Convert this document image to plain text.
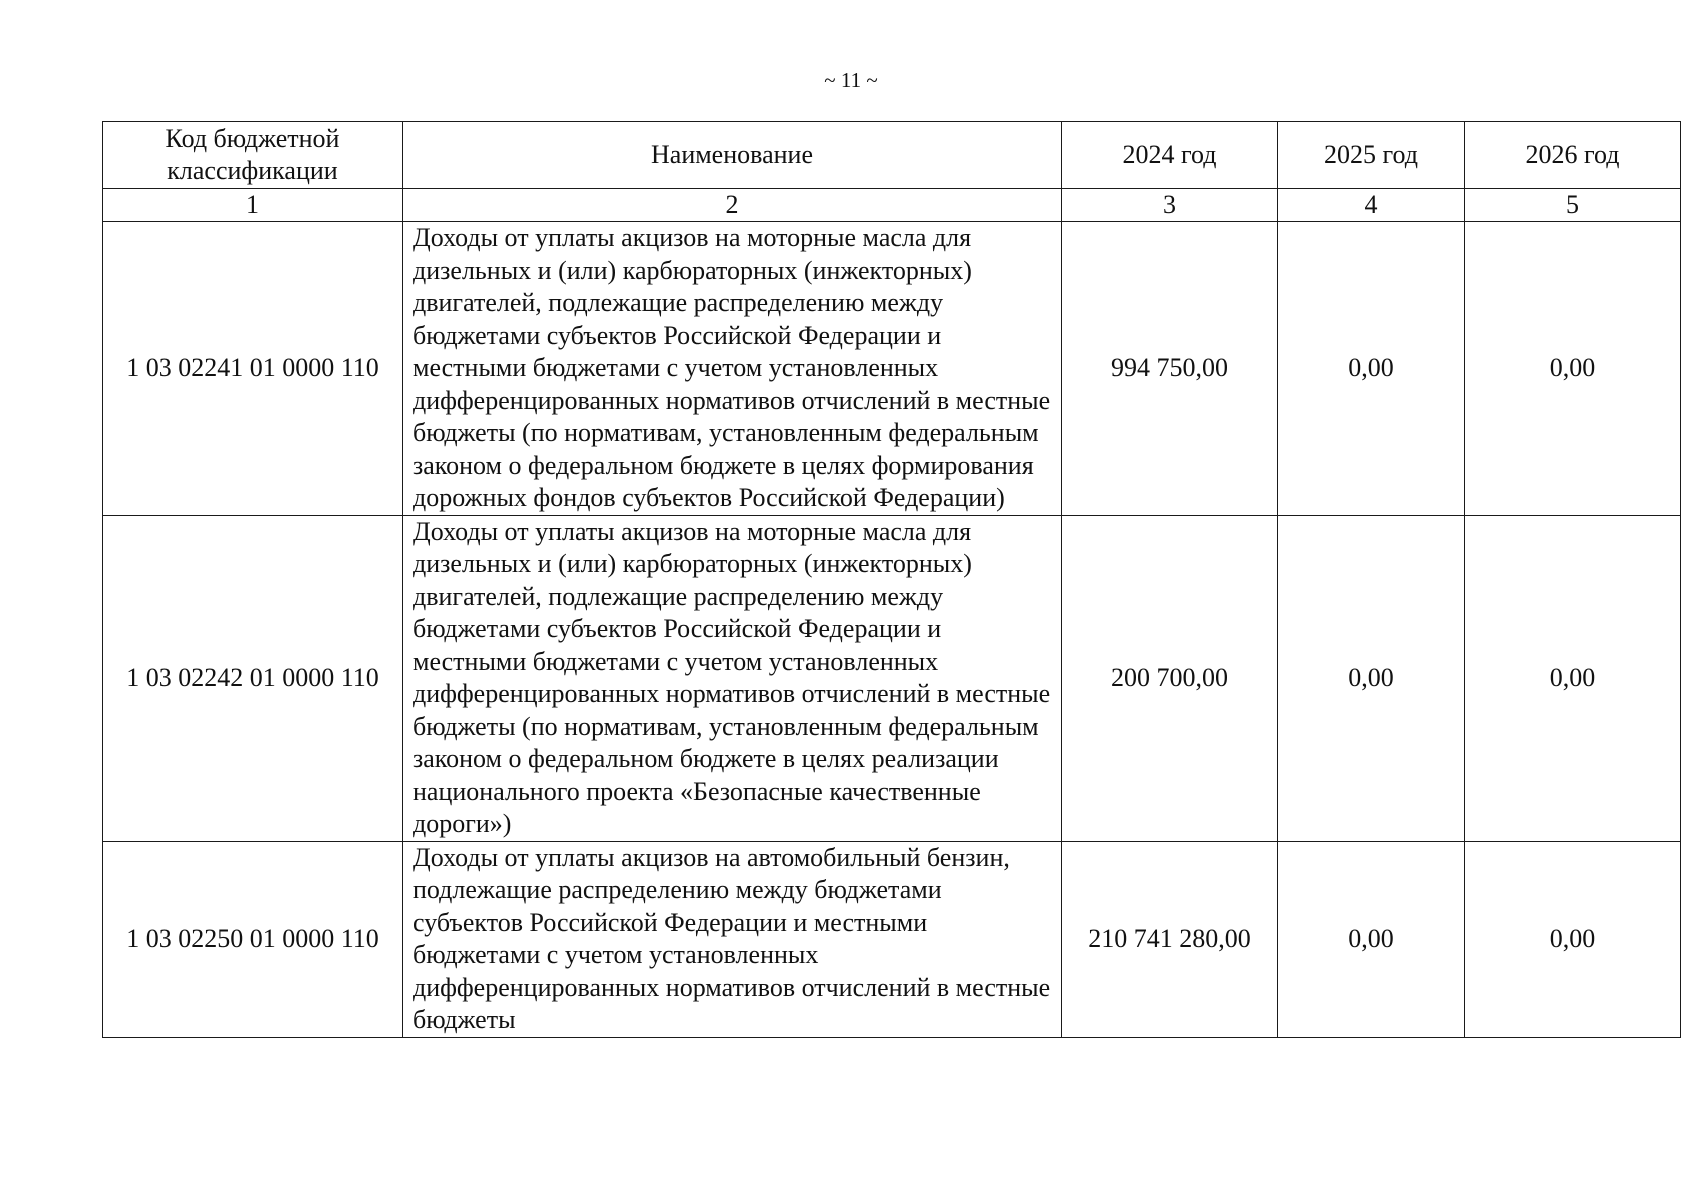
~ 11 ~
Код бюджетной классификации	Наименование	2024 год	2025 год	2026 год
1	2	3	4	5
1 03 02241 01 0000 110	Доходы от уплаты акцизов на моторные масла для дизельных и (или) карбюраторных (инжекторных) двигателей, подлежащие распределению между бюджетами субъектов Российской Федерации и местными бюджетами с учетом установленных дифференцированных нормативов отчислений в местные бюджеты (по нормативам, установленным федеральным законом о федеральном бюджете в целях формирования дорожных фондов субъектов Российской Федерации)	994 750,00	0,00	0,00
1 03 02242 01 0000 110	Доходы от уплаты акцизов на моторные масла для дизельных и (или) карбюраторных (инжекторных) двигателей, подлежащие распределению между бюджетами субъектов Российской Федерации и местными бюджетами с учетом установленных дифференцированных нормативов отчислений в местные бюджеты (по нормативам, установленным федеральным законом о федеральном бюджете в целях реализации национального проекта «Безопасные качественные дороги»)	200 700,00	0,00	0,00
1 03 02250 01 0000 110	Доходы от уплаты акцизов на автомобильный бензин, подлежащие распределению между бюджетами субъектов Российской Федерации и местными бюджетами с учетом установленных дифференцированных нормативов отчислений в местные бюджеты	210 741 280,00	0,00	0,00
